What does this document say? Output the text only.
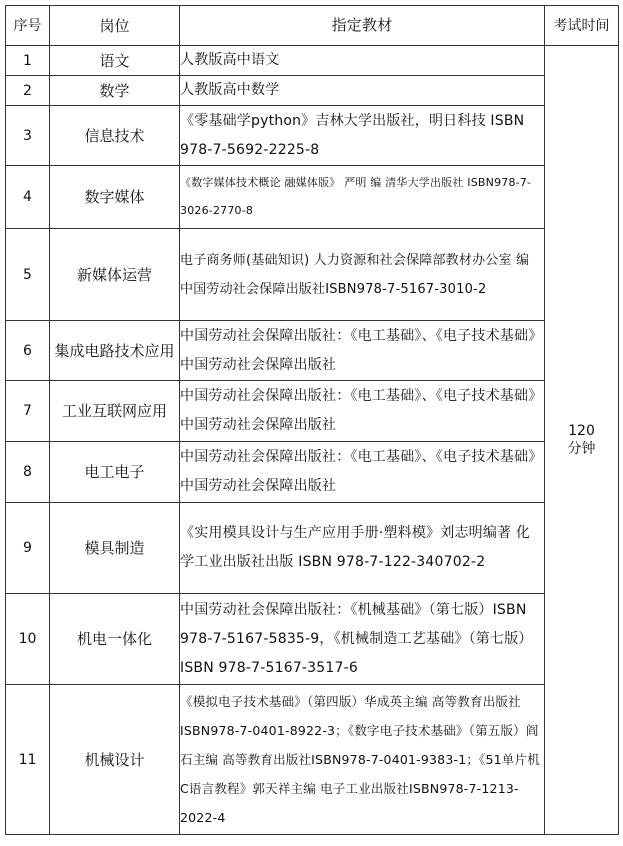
序号	岗位	指定教材	考试时间
1	语文	人教版高中语文	120分钟

2	数学	人教版高中数学	
3	信息技术	《零基础学python》吉林大学出版社，明日科技 ISBN 978-7-5692-2225-8	
4	数字媒体	《数字媒体技术概论 融媒体版》 严明 编 清华大学出版社 ISBN978-7-3026-2770-8	
5	新媒体运营	电子商务师(基础知识) 人力资源和社会保障部教材办公室 编　 中国劳动社会保障出版社ISBN978-7-5167-3010-2	
6	集成电路技术应用	中国劳动社会保障出版社：《电工基础》、《电子技术基础》中国劳动社会保障出版社	
7	工业互联网应用	中国劳动社会保障出版社：《电工基础》、《电子技术基础》中国劳动社会保障出版社	
8	电工电子	中国劳动社会保障出版社：《电工基础》、《电子技术基础》中国劳动社会保障出版社	
9	模具制造	《实用模具设计与生产应用手册·塑料模》刘志明编著 化学工业出版社出版 ISBN 978-7-122-340702-2	
10	机电一体化	中国劳动社会保障出版社：《机械基础》（第七版）ISBN 978-7-5167-5835-9，《机械制造工艺基础》（第七版）ISBN 978-7-5167-3517-6	
11	机械设计	《模拟电子技术基础》（第四版）华成英主编 高等教育出版社ISBN978-7-0401-8922-3；《数字电子技术基础》（第五版）阎石主编 高等教育出版社ISBN978-7-0401-9383-1；《51单片机C语言教程》郭天祥主编 电子工业出版社ISBN978-7-1213-2022-4	
